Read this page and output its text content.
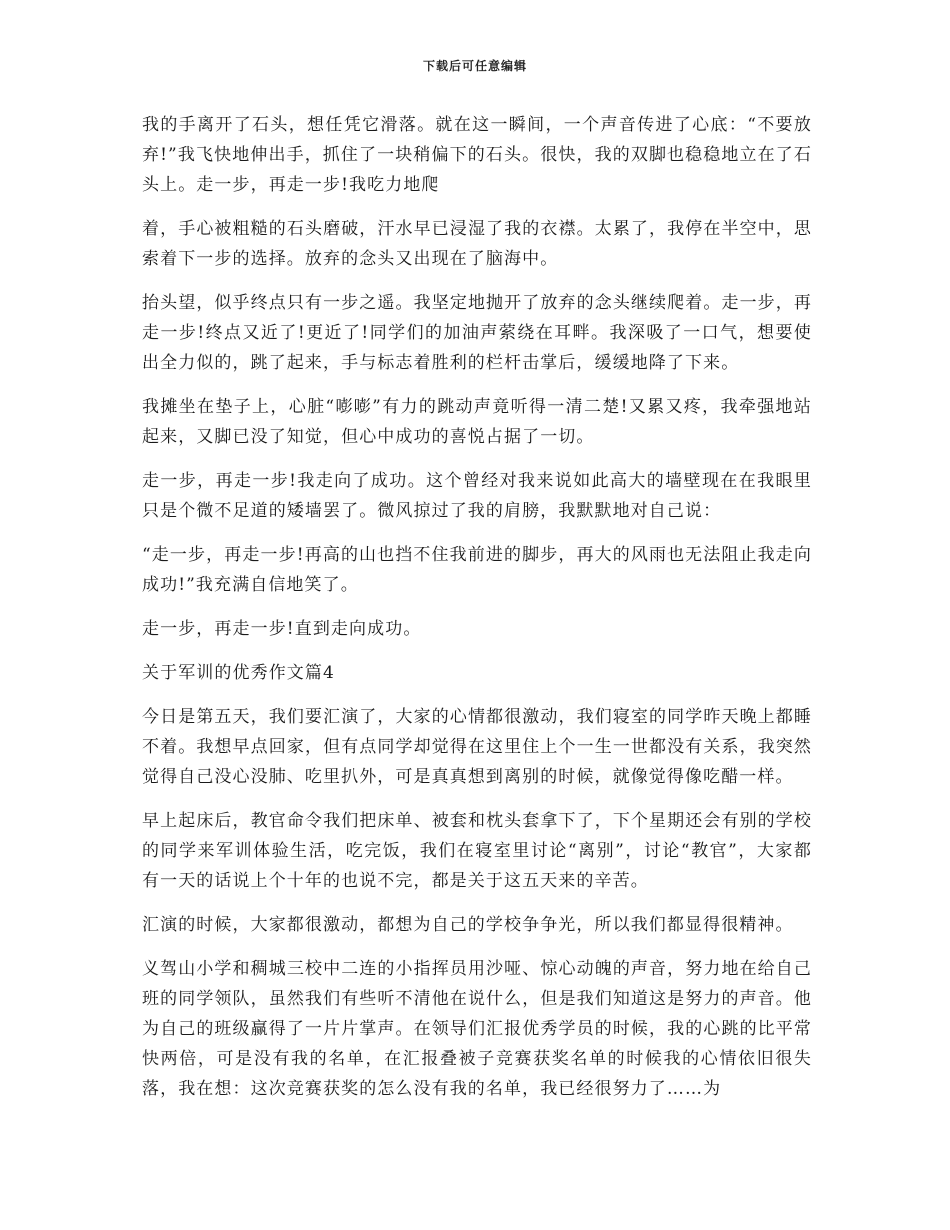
下载后可任意编辑

我的手离开了石头，想任凭它滑落。就在这一瞬间，一个声音传进了心底：“不要放弃!”我飞快地伸出手，抓住了一块稍偏下的石头。很快，我的双脚也稳稳地立在了石头上。走一步，再走一步!我吃力地爬

着，手心被粗糙的石头磨破，汗水早已浸湿了我的衣襟。太累了，我停在半空中，思索着下一步的选择。放弃的念头又出现在了脑海中。

抬头望，似乎终点只有一步之遥。我坚定地抛开了放弃的念头继续爬着。走一步，再走一步!终点又近了!更近了!同学们的加油声萦绕在耳畔。我深吸了一口气，想要使出全力似的，跳了起来，手与标志着胜利的栏杆击掌后，缓缓地降了下来。

我摊坐在垫子上，心脏“嘭嘭”有力的跳动声竟听得一清二楚!又累又疼，我牵强地站起来，又脚已没了知觉，但心中成功的喜悦占据了一切。

走一步，再走一步!我走向了成功。这个曾经对我来说如此高大的墙壁现在在我眼里只是个微不足道的矮墙罢了。微风掠过了我的肩膀，我默默地对自己说：

“走一步，再走一步!再高的山也挡不住我前进的脚步，再大的风雨也无法阻止我走向成功!”我充满自信地笑了。

走一步，再走一步!直到走向成功。

关于军训的优秀作文篇4

今日是第五天，我们要汇演了，大家的心情都很激动，我们寝室的同学昨天晚上都睡不着。我想早点回家，但有点同学却觉得在这里住上个一生一世都没有关系，我突然觉得自己没心没肺、吃里扒外，可是真真想到离别的时候，就像觉得像吃醋一样。

早上起床后，教官命令我们把床单、被套和枕头套拿下了，下个星期还会有别的学校的同学来军训体验生活，吃完饭，我们在寝室里讨论“离别”，讨论“教官”，大家都有一天的话说上个十年的也说不完，都是关于这五天来的辛苦。

汇演的时候，大家都很激动，都想为自己的学校争争光，所以我们都显得很精神。

义驾山小学和稠城三校中二连的小指挥员用沙哑、惊心动魄的声音，努力地在给自己班的同学领队，虽然我们有些听不清他在说什么，但是我们知道这是努力的声音。他为自己的班级赢得了一片片掌声。在领导们汇报优秀学员的时候，我的心跳的比平常快两倍，可是没有我的名单，在汇报叠被子竞赛获奖名单的时候我的心情依旧很失落，我在想：这次竞赛获奖的怎么没有我的名单，我已经很努力了……为
